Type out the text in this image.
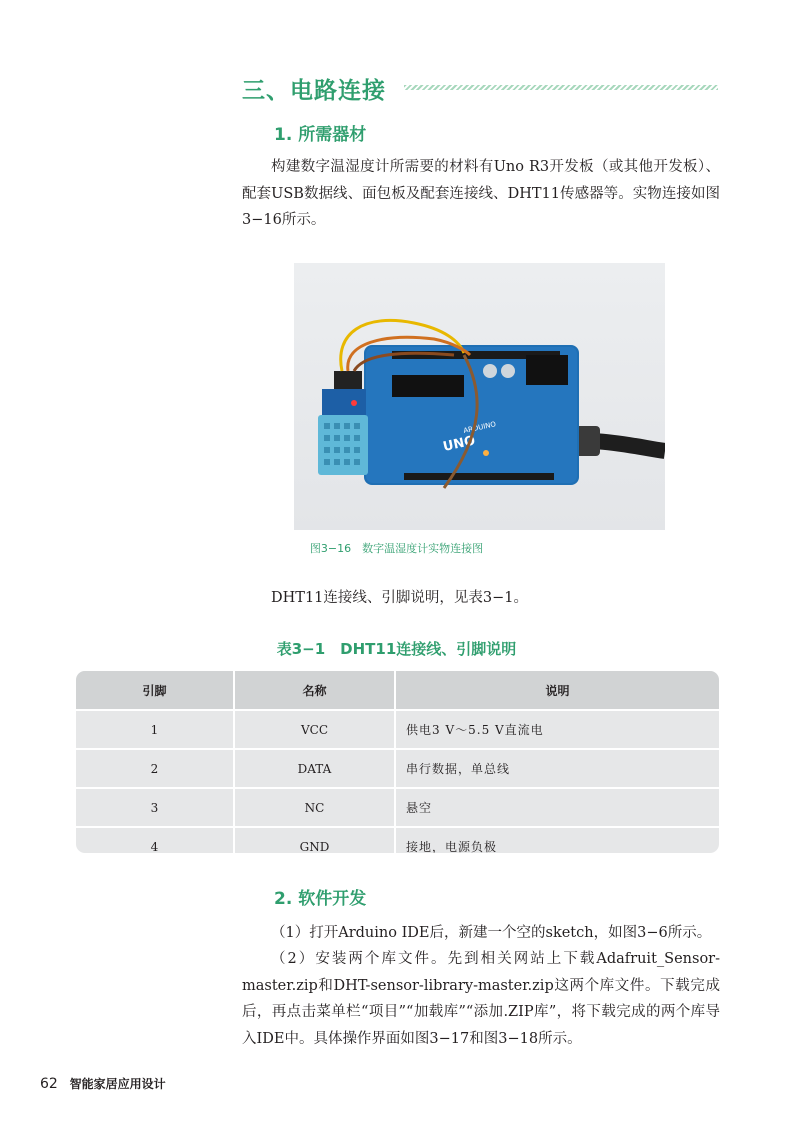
三、电路连接
1. 所需器材

构建数字温湿度计所需要的材料有Uno R3开发板（或其他开发板）、配套USB数据线、面包板及配套连接线、DHT11传感器等。实物连接如图3−16所示。

UNO
ARDUINO
图3−16　数字温湿度计实物连接图

DHT11连接线、引脚说明，见表3−1。

表3−1　DHT11连接线、引脚说明
引脚	名称	说明
1	VCC	供电3 V～5.5 V直流电
2	DATA	串行数据，单总线
3	NC	悬空
4	GND	接地，电源负极
2. 软件开发

（1）打开Arduino IDE后，新建一个空的sketch，如图3−6所示。

（2）安装两个库文件。先到相关网站上下载Adafruit_Sensor-master.zip和DHT-sensor-library-master.zip这两个库文件。下载完成后，再点击菜单栏“项目”“加载库”“添加.ZIP库”，将下载完成的两个库导入IDE中。具体操作界面如图3−17和图3−18所示。

62 智能家居应用设计
